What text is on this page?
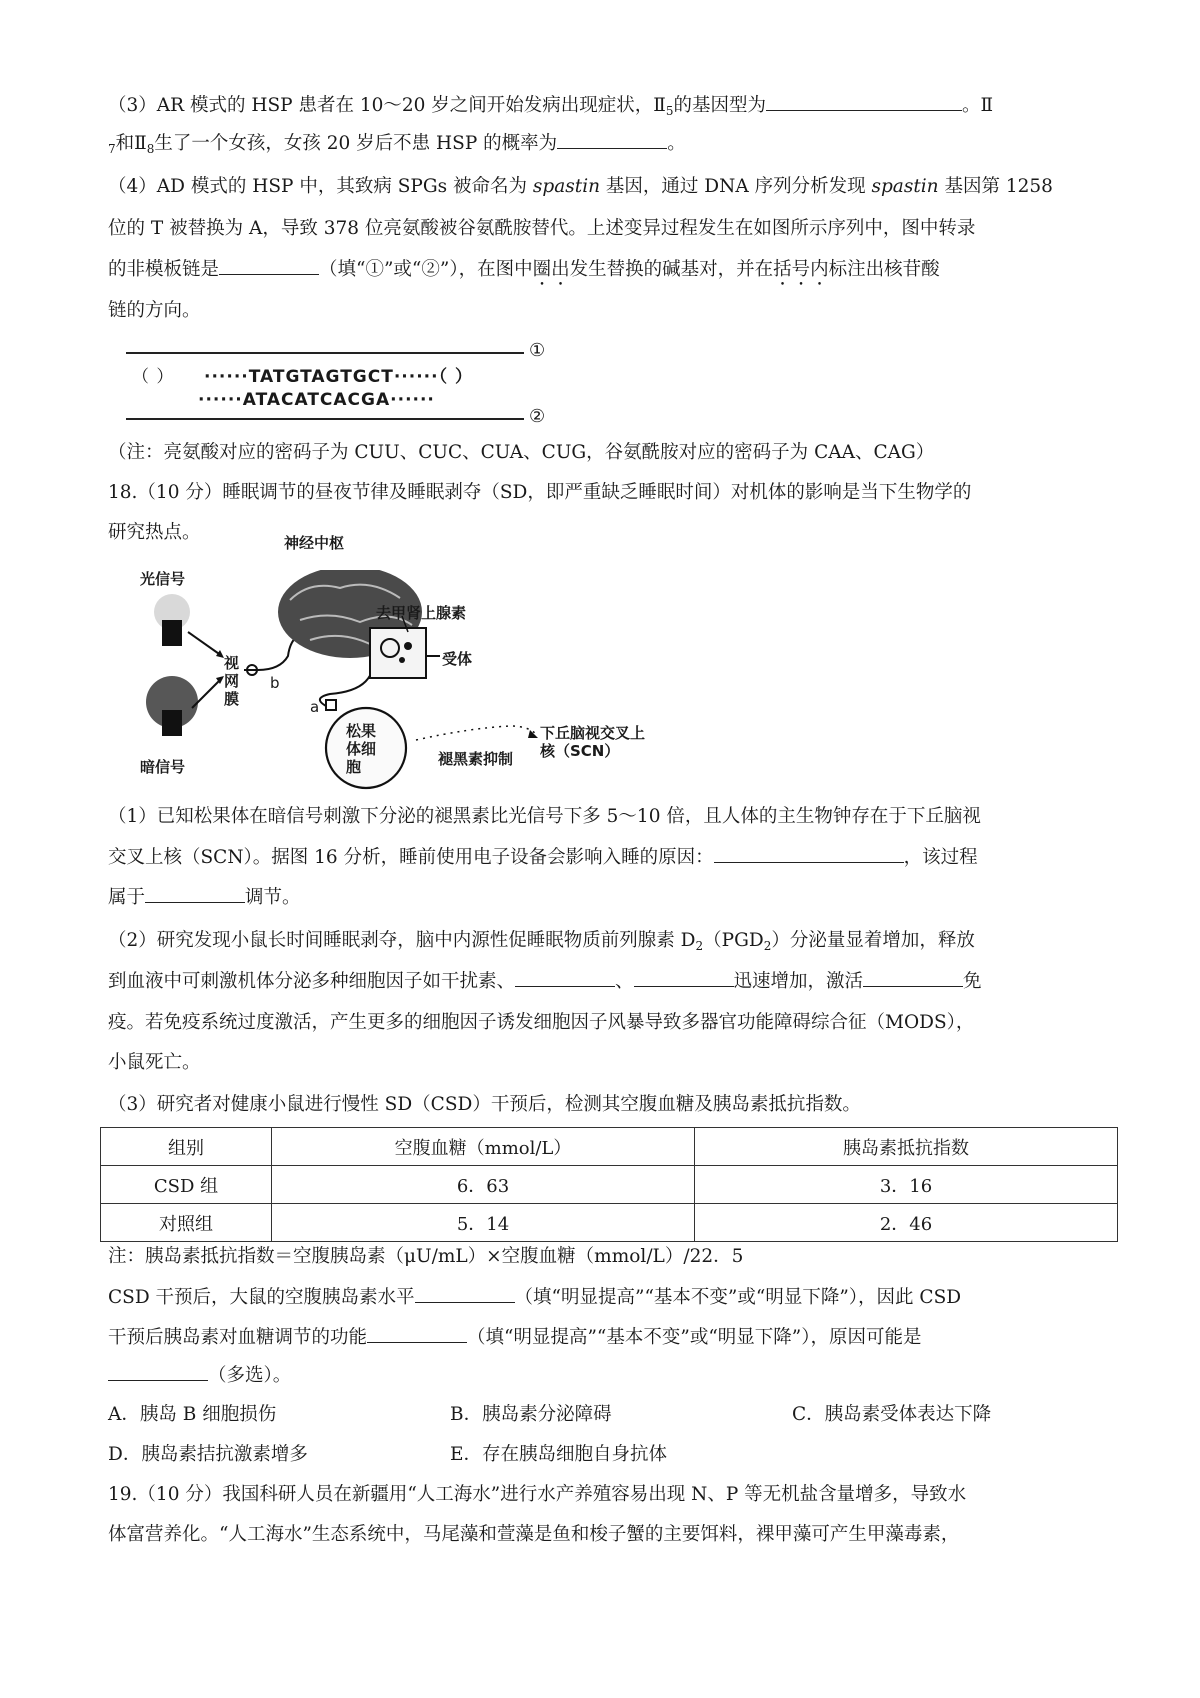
（3）AR 模式的 HSP 患者在 10～20 岁之间开始发病出现症状，$Ⅱ_5$的基因型为	。Ⅱ
$_7$和$Ⅱ_8$生了一个女孩，女孩 20 岁后不患 HSP 的概率为	。
（4）AD 模式的 HSP 中，其致病 SPGs 被命名为 spastin 基因，通过 DNA 序列分析发现 spastin 基因第 1258
位的 T 被替换为 A，导致 378 位亮氨酸被谷氨酰胺替代。上述变异过程发生在如图所示序列中，图中转录
的非模板链是	（填“①”或“②”），在图中圈出发生替换的碱基对，并在括号内标注出核苷酸
链的方向。
①
（ ） ······TATGTAGTGCT······（ ）
······ATACATCACGA······
②
（注：亮氨酸对应的密码子为 CUU、CUC、CUA、CUG，谷氨酰胺对应的密码子为 CAA、CAG）
18.（10 分）睡眠调节的昼夜节律及睡眠剥夺（SD，即严重缺乏睡眠时间）对机体的影响是当下生物学的
研究热点。
光信号
暗信号
神经中枢
去甲肾上腺素
受体
视网膜
b
a
松果体细胞
下丘脑视交叉上核（SCN）
褪黑素抑制
（1）已知松果体在暗信号刺激下分泌的褪黑素比光信号下多 5～10 倍，且人体的主生物钟存在于下丘脑视
交叉上核（SCN）。据图 16 分析，睡前使用电子设备会影响入睡的原因：	，该过程
属于	调节。
（2）研究发现小鼠长时间睡眠剥夺，脑中内源性促睡眠物质前列腺素 $D_2(PGD_2)$分泌量显着增加，释放
到血液中可刺激机体分泌多种细胞因子如干扰素、	、	迅速增加，激活	免
疫。若免疫系统过度激活，产生更多的细胞因子诱发细胞因子风暴导致多器官功能障碍综合征（MODS），
小鼠死亡。
（3）研究者对健康小鼠进行慢性 SD（CSD）干预后，检测其空腹血糖及胰岛素抵抗指数。
组别	空腹血糖（mmol/L）	胰岛素抵抗指数
CSD 组	6．63	3．16
对照组	5．14	2．46
注：胰岛素抵抗指数＝空腹胰岛素（μU/mL）×空腹血糖（mmol/L）/22．5
CSD 干预后，大鼠的空腹胰岛素水平	（填“明显提高”“基本不变”或“明显下降”），因此 CSD
干预后胰岛素对血糖调节的功能	（填“明显提高”“基本不变”或“明显下降”），原因可能是
（多选）。
A．胰岛 B 细胞损伤	B．胰岛素分泌障碍	C．胰岛素受体表达下降
D．胰岛素拮抗激素增多	E．存在胰岛细胞自身抗体
19.（10 分）我国科研人员在新疆用“人工海水”进行水产养殖容易出现 N、P 等无机盐含量增多，导致水
体富营养化。“人工海水”生态系统中，马尾藻和萱藻是鱼和梭子蟹的主要饵料，裸甲藻可产生甲藻毒素，
